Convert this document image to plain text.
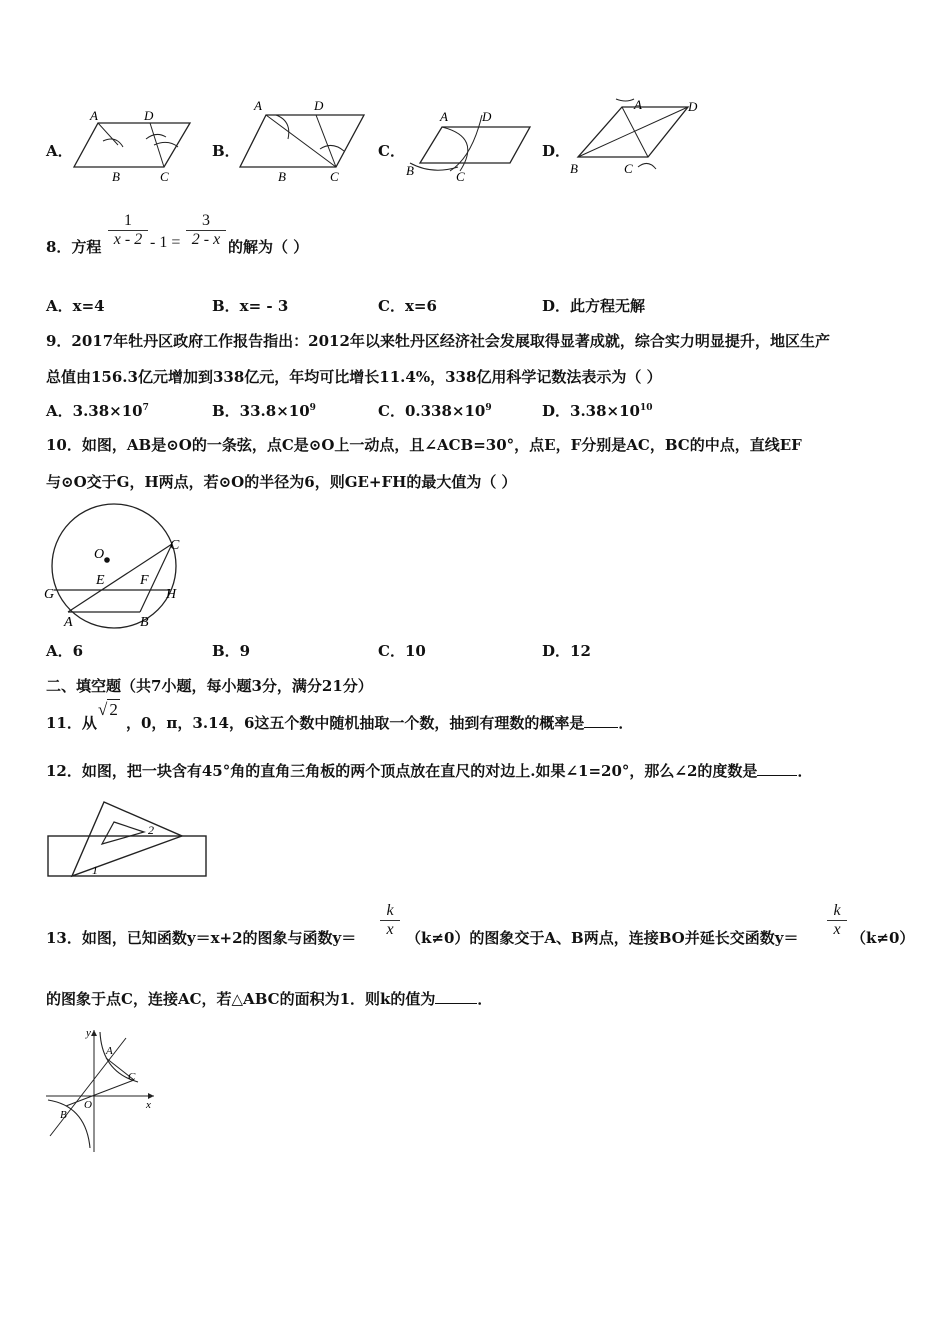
A．
A	D
B	C
B．
A	D
B	C
C．
A	D
B	C
D．
A	D
B	C
8．方程
1
x - 2 - 1 =
3
2 - x 的解为（ ）
A．x=4	B．x= - 3	C．x=6	D．此方程无解
9．2017年牡丹区政府工作报告指出：2012年以来牡丹区经济社会发展取得显著成就，综合实力明显提升，地区生产
总值由156.3亿元增加到338亿元，年均可比增长11.4%，338亿用科学记数法表示为（ ）
A．$3.38\times 10^7$	B．$33.8\times 10^9$	C．$0.338\times 10^9$	D．$3.38\times 10^{10}$
10．如图，AB是⊙O的一条弦，点C是⊙O上一动点，且∠ACB=30°，点E，F分别是AC，BC的中点，直线EF
与⊙O交于G，H两点，若⊙O的半径为6，则GE+FH的最大值为（ ）
O
C
E	F
G	H
A	B
A．6	B．9	C．10	D．12
二、填空题（共7小题，每小题3分，满分21分）
11．从
√ 2
，0，π，3.14，6这五个数中随机抽取一个数，抽到有理数的概率是 ．
12．如图，把一块含有45°角的直角三角板的两个顶点放在直尺的对边上.如果∠1=20°，那么∠2的度数是	．
1
2
13．如图，已知函数y＝x+2的图象与函数y＝
k
x （k≠0）的图象交于A、B两点，连接BO并延长交函数y＝
k
x （k≠0）
的图象于点C，连接AC，若△ABC的面积为1．则k的值为	．
y
x
A
B
C
O
